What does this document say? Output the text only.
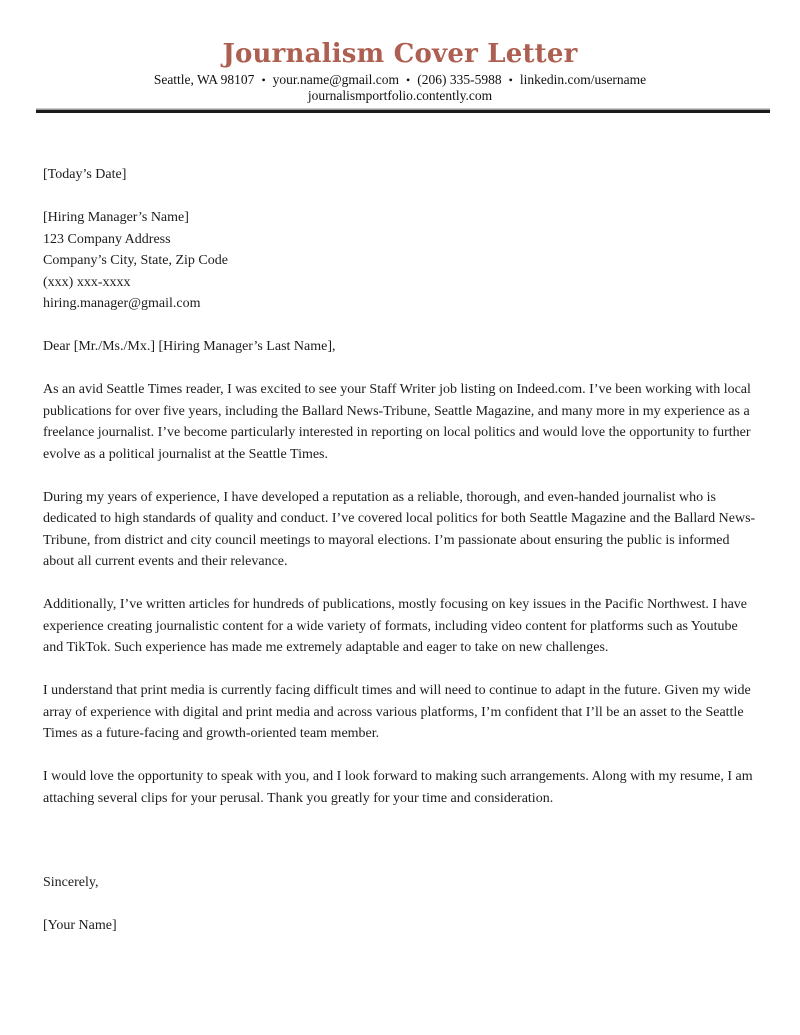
Journalism Cover Letter
Seattle, WA 98107 • your.name@gmail.com • (206) 335-5988 • linkedin.com/username
journalismportfolio.contently.com

[Today’s Date]

[Hiring Manager’s Name]
123 Company Address
Company’s City, State, Zip Code
(xxx) xxx-xxxx
hiring.manager@gmail.com

Dear [Mr./Ms./Mx.] [Hiring Manager’s Last Name],

As an avid Seattle Times reader, I was excited to see your Staff Writer job listing on Indeed.com. I’ve been working with local publications for over five years, including the Ballard News-Tribune, Seattle Magazine, and many more in my experience as a freelance journalist. I’ve become particularly interested in reporting on local politics and would love the opportunity to further evolve as a political journalist at the Seattle Times.

During my years of experience, I have developed a reputation as a reliable, thorough, and even-handed journalist who is dedicated to high standards of quality and conduct. I’ve covered local politics for both Seattle Magazine and the Ballard News-Tribune, from district and city council meetings to mayoral elections. I’m passionate about ensuring the public is informed about all current events and their relevance.

Additionally, I’ve written articles for hundreds of publications, mostly focusing on key issues in the Pacific Northwest. I have experience creating journalistic content for a wide variety of formats, including video content for platforms such as Youtube and TikTok. Such experience has made me extremely adaptable and eager to take on new challenges.

I understand that print media is currently facing difficult times and will need to continue to adapt in the future. Given my wide array of experience with digital and print media and across various platforms, I’m confident that I’ll be an asset to the Seattle Times as a future-facing and growth-oriented team member.

I would love the opportunity to speak with you, and I look forward to making such arrangements. Along with my resume, I am attaching several clips for your perusal. Thank you greatly for your time and consideration.

Sincerely,

[Your Name]
